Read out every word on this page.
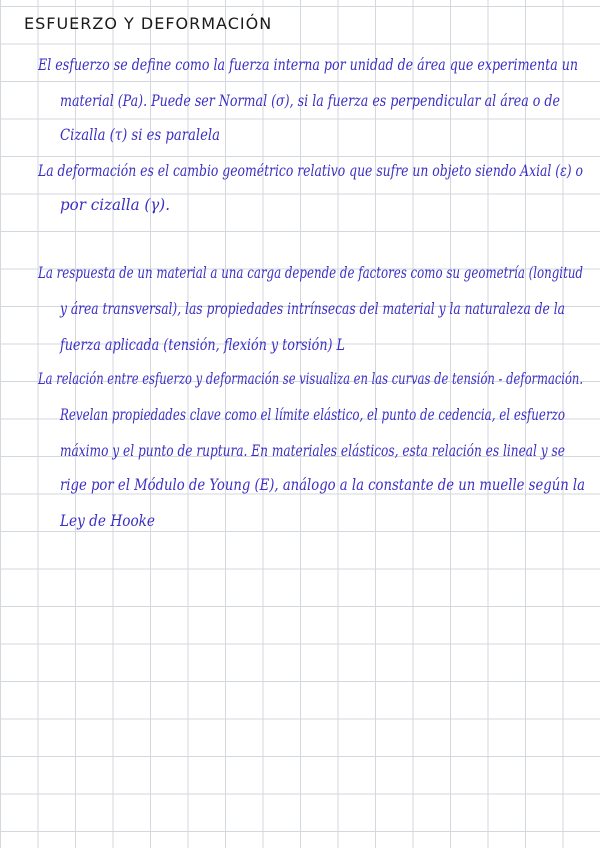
ESFUERZO Y DEFORMACIÓN
El esfuerzo se define como la fuerza interna por unidad de área que experimenta un
material (Pa). Puede ser Normal (σ), si la fuerza es perpendicular al área o de
Cizalla (τ) si es paralela
La deformación es el cambio geométrico relativo que sufre un objeto siendo Axial (ε) o
por cizalla (γ).
La respuesta de un material a una carga depende de factores como su geometría (longitud
y área transversal), las propiedades intrínsecas del material y la naturaleza de la
fuerza aplicada (tensión, flexión y torsión) L
La relación entre esfuerzo y deformación se visualiza en las curvas de tensión - deformación.
Revelan propiedades clave como el límite elástico, el punto de cedencia, el esfuerzo
máximo y el punto de ruptura. En materiales elásticos, esta relación es lineal y se
rige por el Módulo de Young (E), análogo a la constante de un muelle según la
Ley de Hooke
